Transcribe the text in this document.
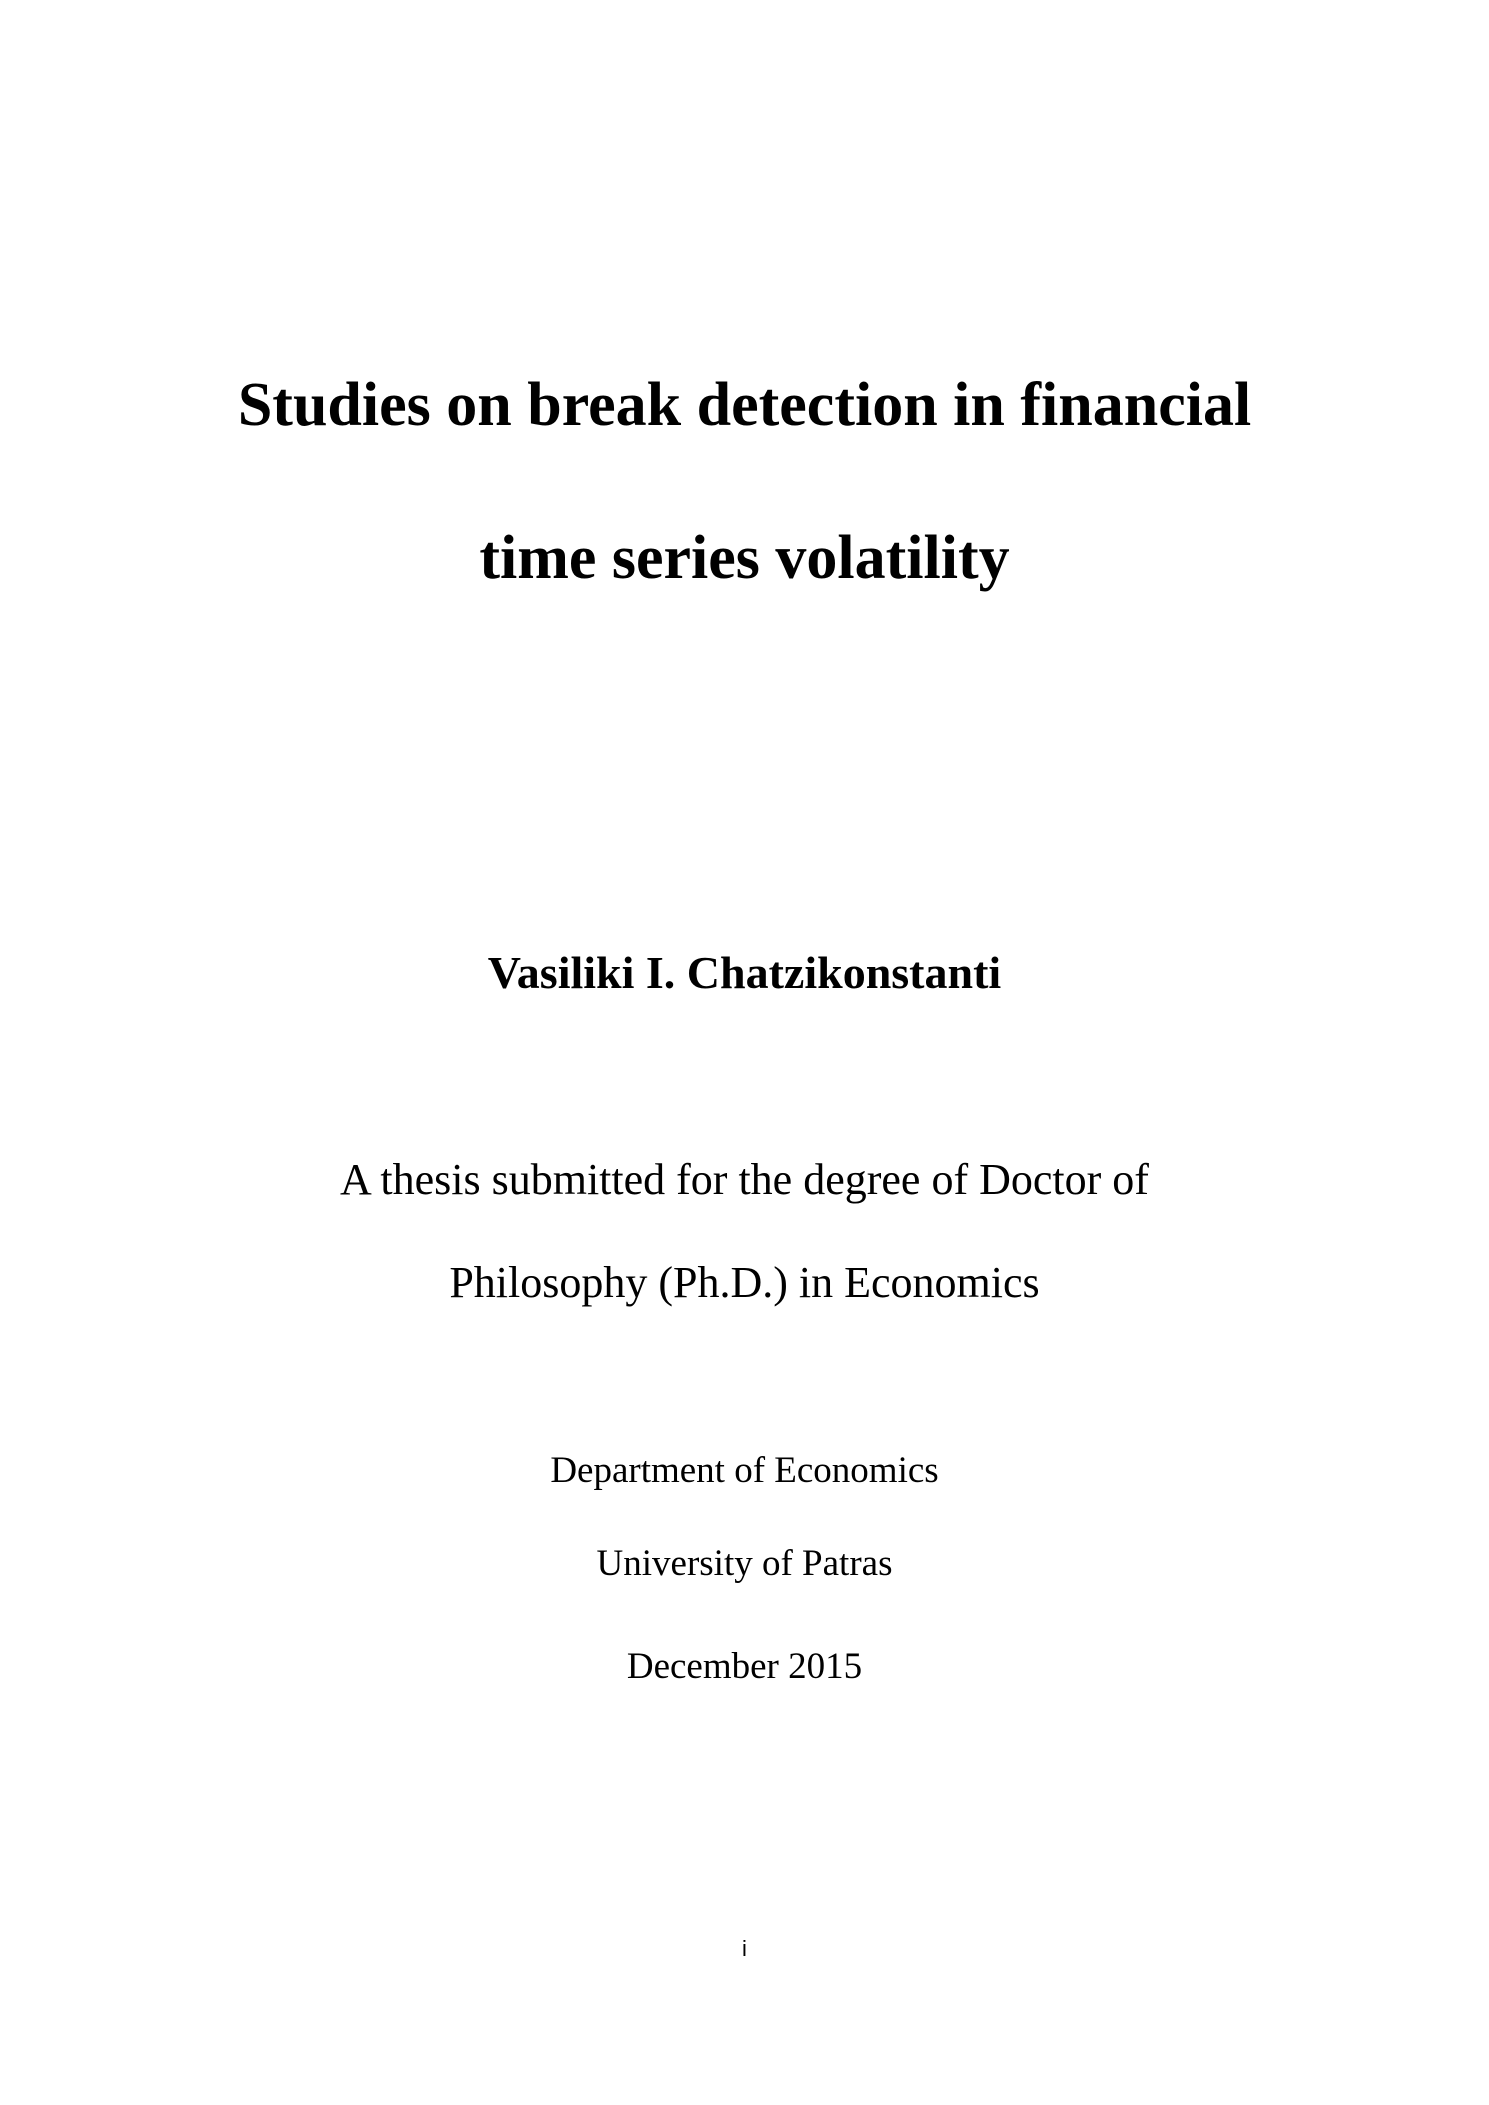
Studies on break detection in financial
time series volatility
Vasiliki I. Chatzikonstanti
A thesis submitted for the degree of Doctor of
Philosophy (Ph.D.) in Economics
Department of Economics
University of Patras
December 2015
i
